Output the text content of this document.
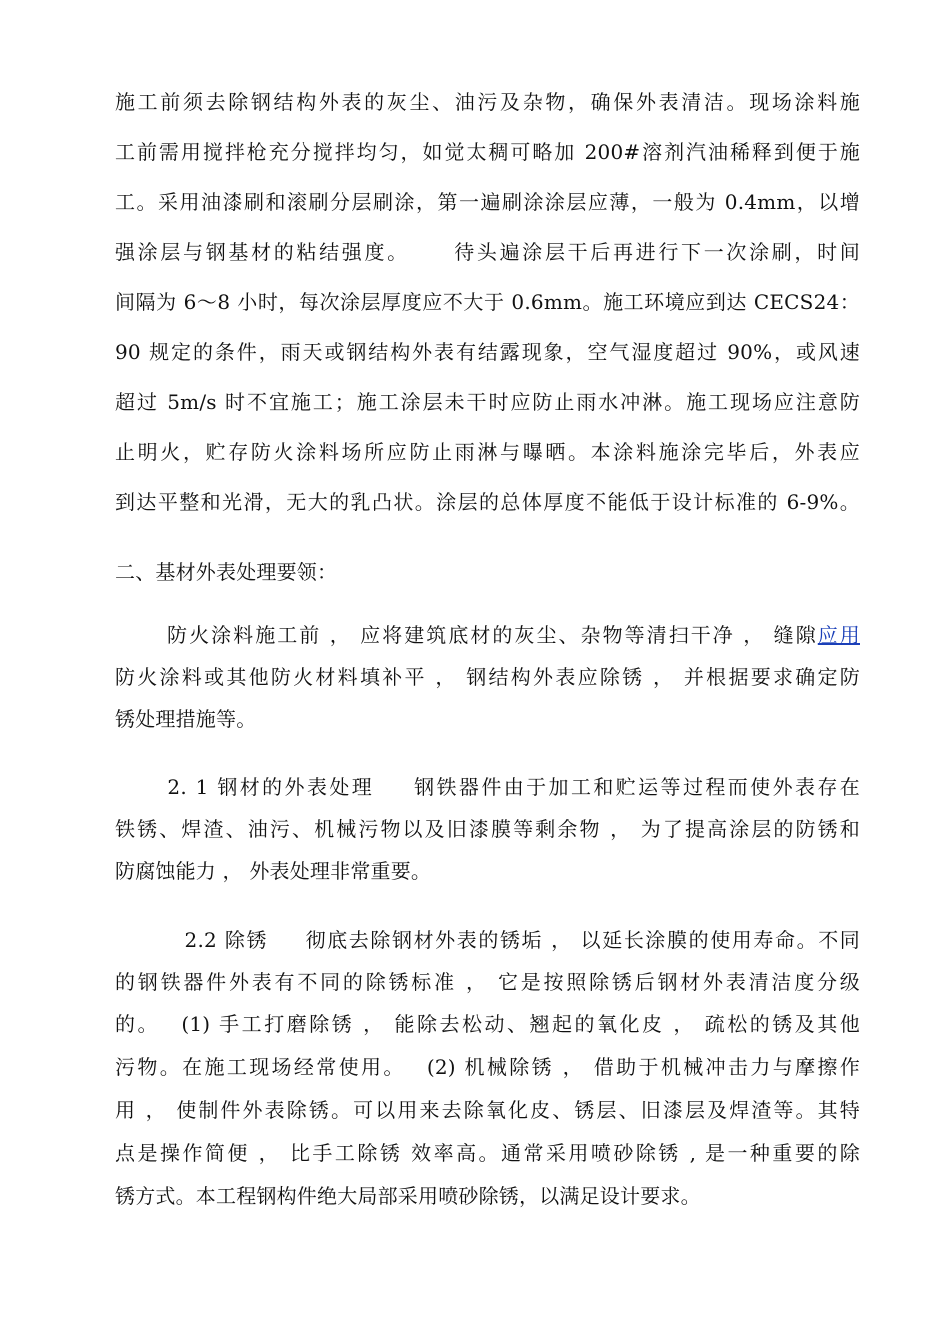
施工前须去除钢结构外表的灰尘、油污及杂物，确保外表清洁。现场涂料施
工前需用搅拌枪充分搅拌均匀，如觉太稠可略加 200#溶剂汽油稀释到便于施
工。采用油漆刷和滚刷分层刷涂，第一遍刷涂涂层应薄，一般为 0.4mm，以增
强涂层与钢基材的粘结强度。　　 待头遍涂层干后再进行下一次涂刷，时间
间隔为 6～8 小时，每次涂层厚度应不大于 0.6mm。施工环境应到达 CECS24：
90 规定的条件，雨天或钢结构外表有结露现象，空气湿度超过 90%，或风速
超过 5m/s 时不宜施工；施工涂层未干时应防止雨水冲淋。施工现场应注意防
止明火，贮存防火涂料场所应防止雨淋与曝晒。本涂料施涂完毕后，外表应
到达平整和光滑，无大的乳凸状。涂层的总体厚度不能低于设计标准的 6-9%。
二、基材外表处理要领：
　防火涂料施工前 ， 应将建筑底材的灰尘、杂物等清扫干净 ， 缝隙应用
防火涂料或其他防火材料填补平 ， 钢结构外表应除锈 ， 并根据要求确定防
锈处理措施等。
　2. 1 钢材的外表处理 　 钢铁器件由于加工和贮运等过程而使外表存在
铁锈、焊渣、油污、机械污物以及旧漆膜等剩余物 ， 为了提高涂层的防锈和
防腐蚀能力 ， 外表处理非常重要。
　 2.2 除锈 　 彻底去除钢材外表的锈垢 ， 以延长涂膜的使用寿命。不同
的钢铁器件外表有不同的除锈标准 ， 它是按照除锈后钢材外表清洁度分级
的。　 (1) 手工打磨除锈 ， 能除去松动、翘起的氧化皮 ， 疏松的锈及其他
污物。在施工现场经常使用。　 (2) 机械除锈 ， 借助于机械冲击力与摩擦作
用 ， 使制件外表除锈。可以用来去除氧化皮、锈层、旧漆层及焊渣等。其特
点是操作简便 ， 比手工除锈 效率高。通常采用喷砂除锈 , 是一种重要的除
锈方式。本工程钢构件绝大局部采用喷砂除锈，以满足设计要求。
